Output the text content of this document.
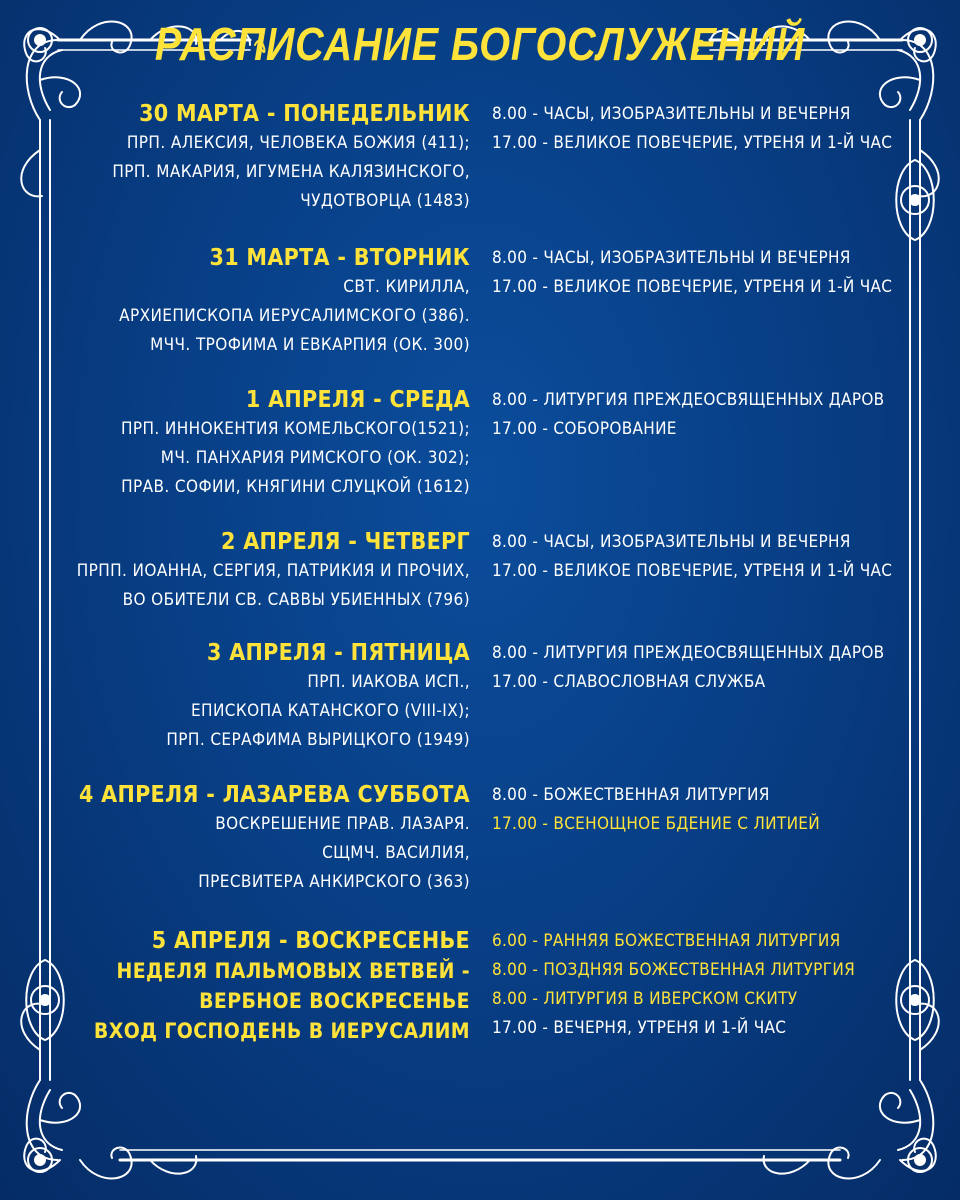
РАСПИСАНИЕ БОГОСЛУЖЕНИЙ
30 МАРТА - ПОНЕДЕЛЬНИК
ПРП. АЛЕКСИЯ, ЧЕЛОВЕКА БОЖИЯ (411);
ПРП. МАКАРИЯ, ИГУМЕНА КАЛЯЗИНСКОГО,
ЧУДОТВОРЦА (1483)
8.00 - ЧАСЫ, ИЗОБРАЗИТЕЛЬНЫ И ВЕЧЕРНЯ
17.00 - ВЕЛИКОЕ ПОВЕЧЕРИЕ, УТРЕНЯ И 1-Й ЧАС
31 МАРТА - ВТОРНИК
СВТ. КИРИЛЛА,
АРХИЕПИСКОПА ИЕРУСАЛИМСКОГО (386).
МЧЧ. ТРОФИМА И ЕВКАРПИЯ (ОК. 300)
8.00 - ЧАСЫ, ИЗОБРАЗИТЕЛЬНЫ И ВЕЧЕРНЯ
17.00 - ВЕЛИКОЕ ПОВЕЧЕРИЕ, УТРЕНЯ И 1-Й ЧАС
1 АПРЕЛЯ - СРЕДА
ПРП. ИННОКЕНТИЯ КОМЕЛЬСКОГО(1521);
МЧ. ПАНХАРИЯ РИМСКОГО (ОК. 302);
ПРАВ. СОФИИ, КНЯГИНИ СЛУЦКОЙ (1612)
8.00 - ЛИТУРГИЯ ПРЕЖДЕОСВЯЩЕННЫХ ДАРОВ
17.00 - СОБОРОВАНИЕ
2 АПРЕЛЯ - ЧЕТВЕРГ
ПРПП. ИОАННА, СЕРГИЯ, ПАТРИКИЯ И ПРОЧИХ,
ВО ОБИТЕЛИ СВ. САВВЫ УБИЕННЫХ (796)
8.00 - ЧАСЫ, ИЗОБРАЗИТЕЛЬНЫ И ВЕЧЕРНЯ
17.00 - ВЕЛИКОЕ ПОВЕЧЕРИЕ, УТРЕНЯ И 1-Й ЧАС
3 АПРЕЛЯ - ПЯТНИЦА
ПРП. ИАКОВА ИСП.,
ЕПИСКОПА КАТАНСКОГО (VIII-IX);
ПРП. СЕРАФИМА ВЫРИЦКОГО (1949)
8.00 - ЛИТУРГИЯ ПРЕЖДЕОСВЯЩЕННЫХ ДАРОВ
17.00 - СЛАВОСЛОВНАЯ СЛУЖБА
4 АПРЕЛЯ - ЛАЗАРЕВА СУББОТА
ВОСКРЕШЕНИЕ ПРАВ. ЛАЗАРЯ.
СЩМЧ. ВАСИЛИЯ,
ПРЕСВИТЕРА АНКИРСКОГО (363)
8.00 - БОЖЕСТВЕННАЯ ЛИТУРГИЯ
17.00 - ВСЕНОЩНОЕ БДЕНИЕ С ЛИТИЕЙ
5 АПРЕЛЯ - ВОСКРЕСЕНЬЕ
НЕДЕЛЯ ПАЛЬМОВЫХ ВЕТВЕЙ -
ВЕРБНОЕ ВОСКРЕСЕНЬЕ
ВХОД ГОСПОДЕНЬ В ИЕРУСАЛИМ
6.00 - РАННЯЯ БОЖЕСТВЕННАЯ ЛИТУРГИЯ
8.00 - ПОЗДНЯЯ БОЖЕСТВЕННАЯ ЛИТУРГИЯ
8.00 - ЛИТУРГИЯ В ИВЕРСКОМ СКИТУ
17.00 - ВЕЧЕРНЯ, УТРЕНЯ И 1-Й ЧАС
